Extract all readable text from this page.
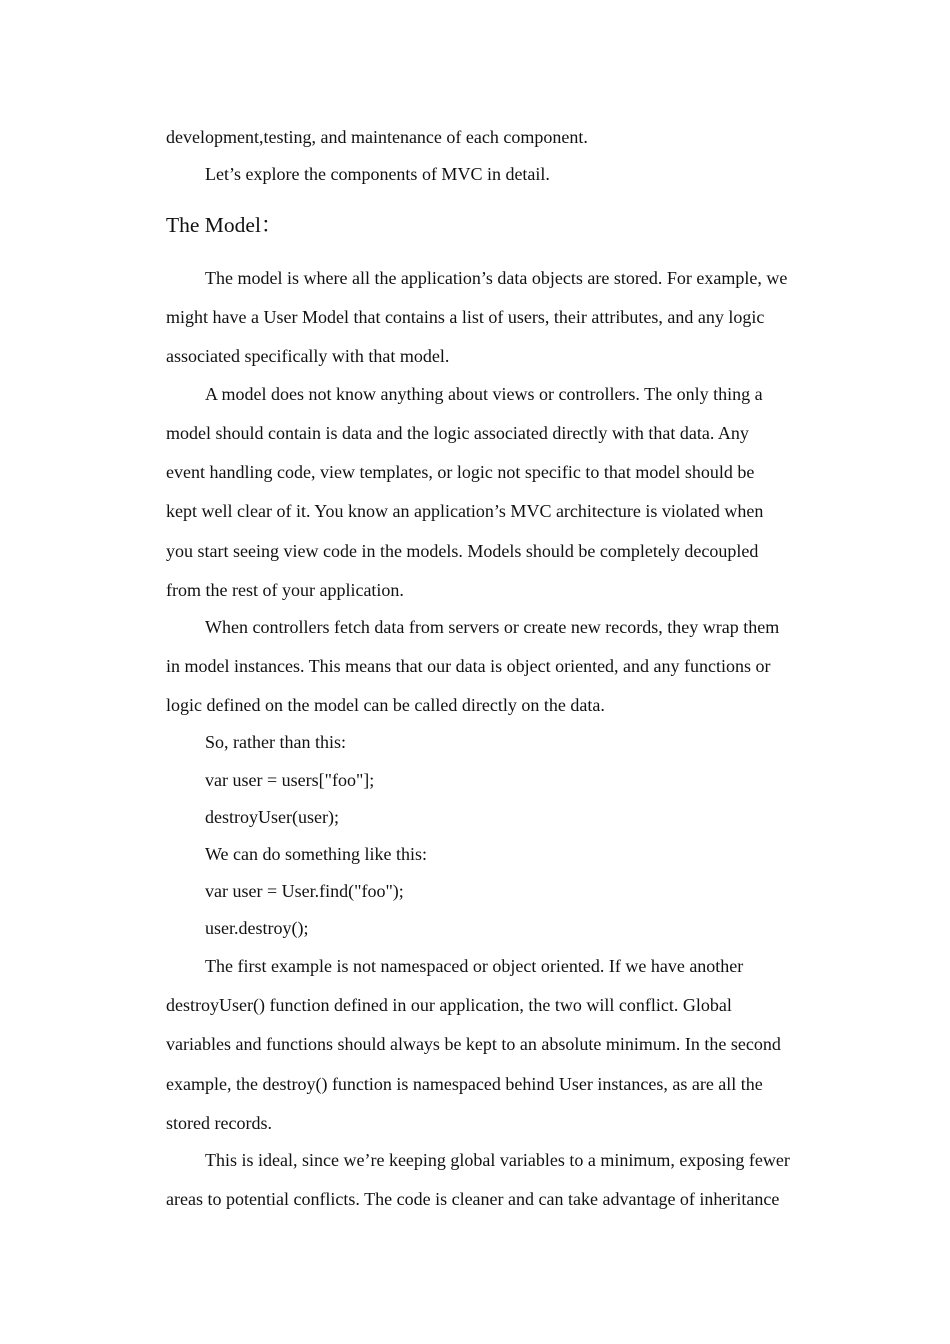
development,testing, and maintenance of each component.
Let’s explore the components of MVC in detail.
The Model：
The model is where all the application’s data objects are stored. For example, we
might have a User Model that contains a list of users, their attributes, and any logic
associated specifically with that model.
A model does not know anything about views or controllers. The only thing a
model should contain is data and the logic associated directly with that data. Any
event handling code, view templates, or logic not specific to that model should be
kept well clear of it. You know an application’s MVC architecture is violated when
you start seeing view code in the models. Models should be completely decoupled
from the rest of your application.
When controllers fetch data from servers or create new records, they wrap them
in model instances. This means that our data is object oriented, and any functions or
logic defined on the model can be called directly on the data.
So, rather than this:
var user = users["foo"];
destroyUser(user);
We can do something like this:
var user = User.find("foo");
user.destroy();
The first example is not namespaced or object oriented. If we have another
destroyUser() function defined in our application, the two will conflict. Global
variables and functions should always be kept to an absolute minimum. In the second
example, the destroy() function is namespaced behind User instances, as are all the
stored records.
This is ideal, since we’re keeping global variables to a minimum, exposing fewer
areas to potential conflicts. The code is cleaner and can take advantage of inheritance
